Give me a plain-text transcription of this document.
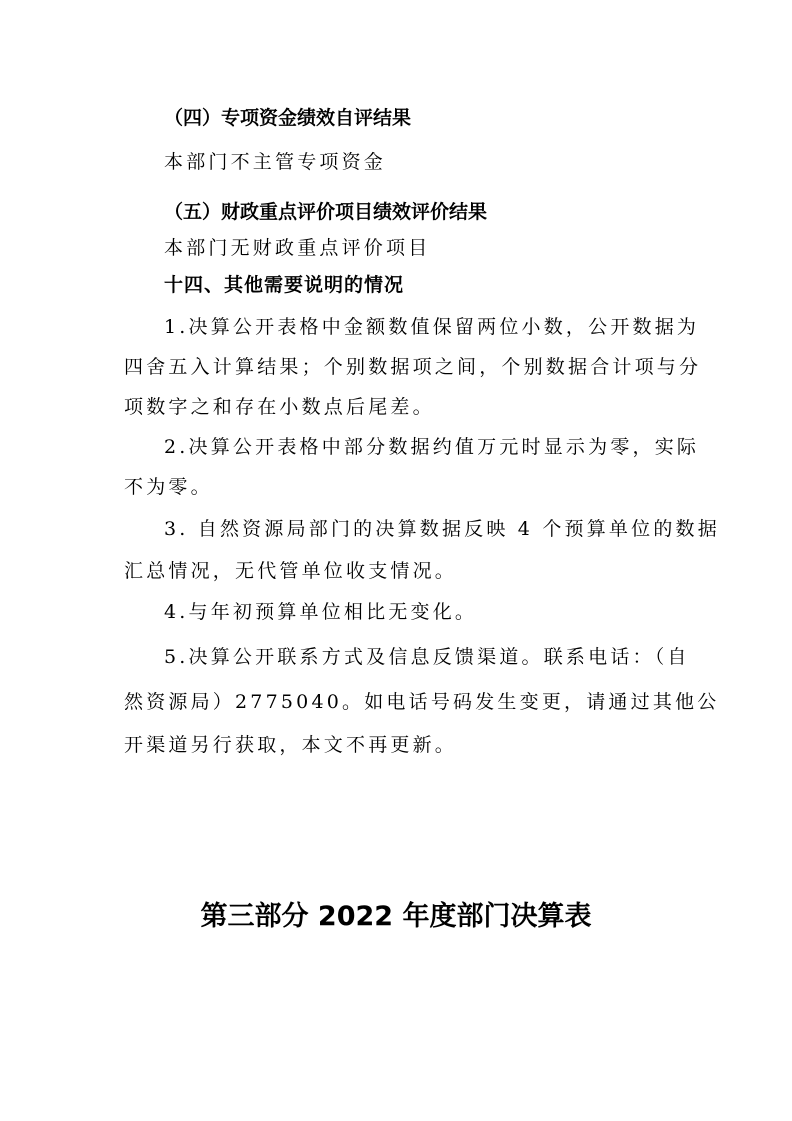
（四）专项资金绩效自评结果
本部门不主管专项资金
（五）财政重点评价项目绩效评价结果
本部门无财政重点评价项目
十四、其他需要说明的情况
1.决算公开表格中金额数值保留两位小数，公开数据为
四舍五入计算结果；个别数据项之间，个别数据合计项与分
项数字之和存在小数点后尾差。
2.决算公开表格中部分数据约值万元时显示为零，实际
不为零。
3. 自然资源局部门的决算数据反映 4 个预算单位的数据
汇总情况，无代管单位收支情况。
4.与年初预算单位相比无变化。
5.决算公开联系方式及信息反馈渠道。联系电话：（自
然资源局）2775040。如电话号码发生变更，请通过其他公
开渠道另行获取，本文不再更新。
第三部分 2022 年度部门决算表
